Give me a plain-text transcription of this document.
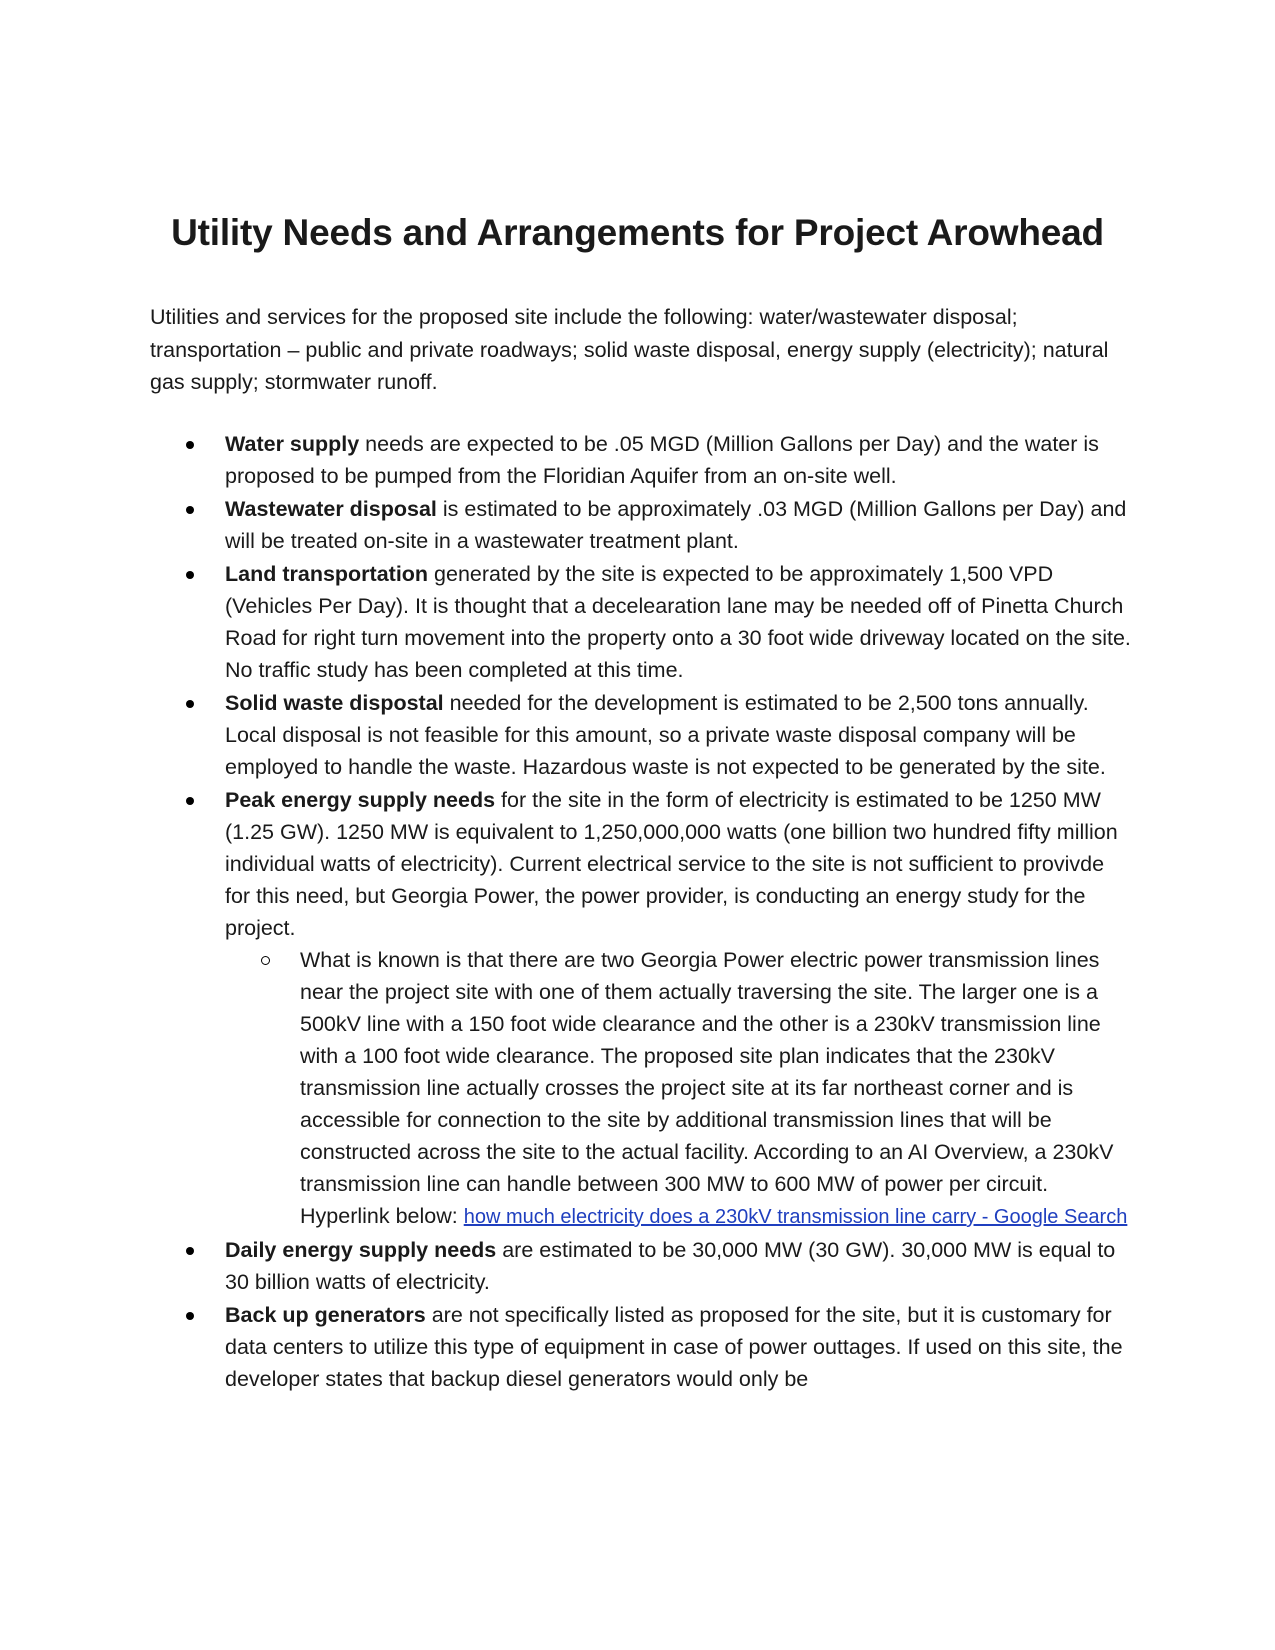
Utility Needs and Arrangements for Project Arowhead

Utilities and services for the proposed site include the following: water/wastewater disposal; transportation – public and private roadways; solid waste disposal, energy supply (electricity); natural gas supply; stormwater runoff.

Water supply needs are expected to be .05 MGD (Million Gallons per Day) and the water is proposed to be pumped from the Floridian Aquifer from an on-site well.
Wastewater disposal is estimated to be approximately .03 MGD (Million Gallons per Day) and will be treated on-site in a wastewater treatment plant.
Land transportation generated by the site is expected to be approximately 1,500 VPD (Vehicles Per Day). It is thought that a decelearation lane may be needed off of Pinetta Church Road for right turn movement into the property onto a 30 foot wide driveway located on the site. No traffic study has been completed at this time.
Solid waste dispostal needed for the development is estimated to be 2,500 tons annually. Local disposal is not feasible for this amount, so a private waste disposal company will be employed to handle the waste. Hazardous waste is not expected to be generated by the site.
Peak energy supply needs for the site in the form of electricity is estimated to be 1250 MW (1.25 GW). 1250 MW is equivalent to 1,250,000,000 watts (one billion two hundred fifty million individual watts of electricity). Current electrical service to the site is not sufficient to provivde for this need, but Georgia Power, the power provider, is conducting an energy study for the project.
What is known is that there are two Georgia Power electric power transmission lines near the project site with one of them actually traversing the site. The larger one is a 500kV line with a 150 foot wide clearance and the other is a 230kV transmission line with a 100 foot wide clearance. The proposed site plan indicates that the 230kV transmission line actually crosses the project site at its far northeast corner and is accessible for connection to the site by additional transmission lines that will be constructed across the site to the actual facility. According to an AI Overview, a 230kV transmission line can handle between 300 MW to 600 MW of power per circuit. Hyperlink below: how much electricity does a 230kV transmission line carry - Google Search
Daily energy supply needs are estimated to be 30,000 MW (30 GW). 30,000 MW is equal to 30 billion watts of electricity.
Back up generators are not specifically listed as proposed for the site, but it is customary for data centers to utilize this type of equipment in case of power outtages. If used on this site, the developer states that backup diesel generators would only be
